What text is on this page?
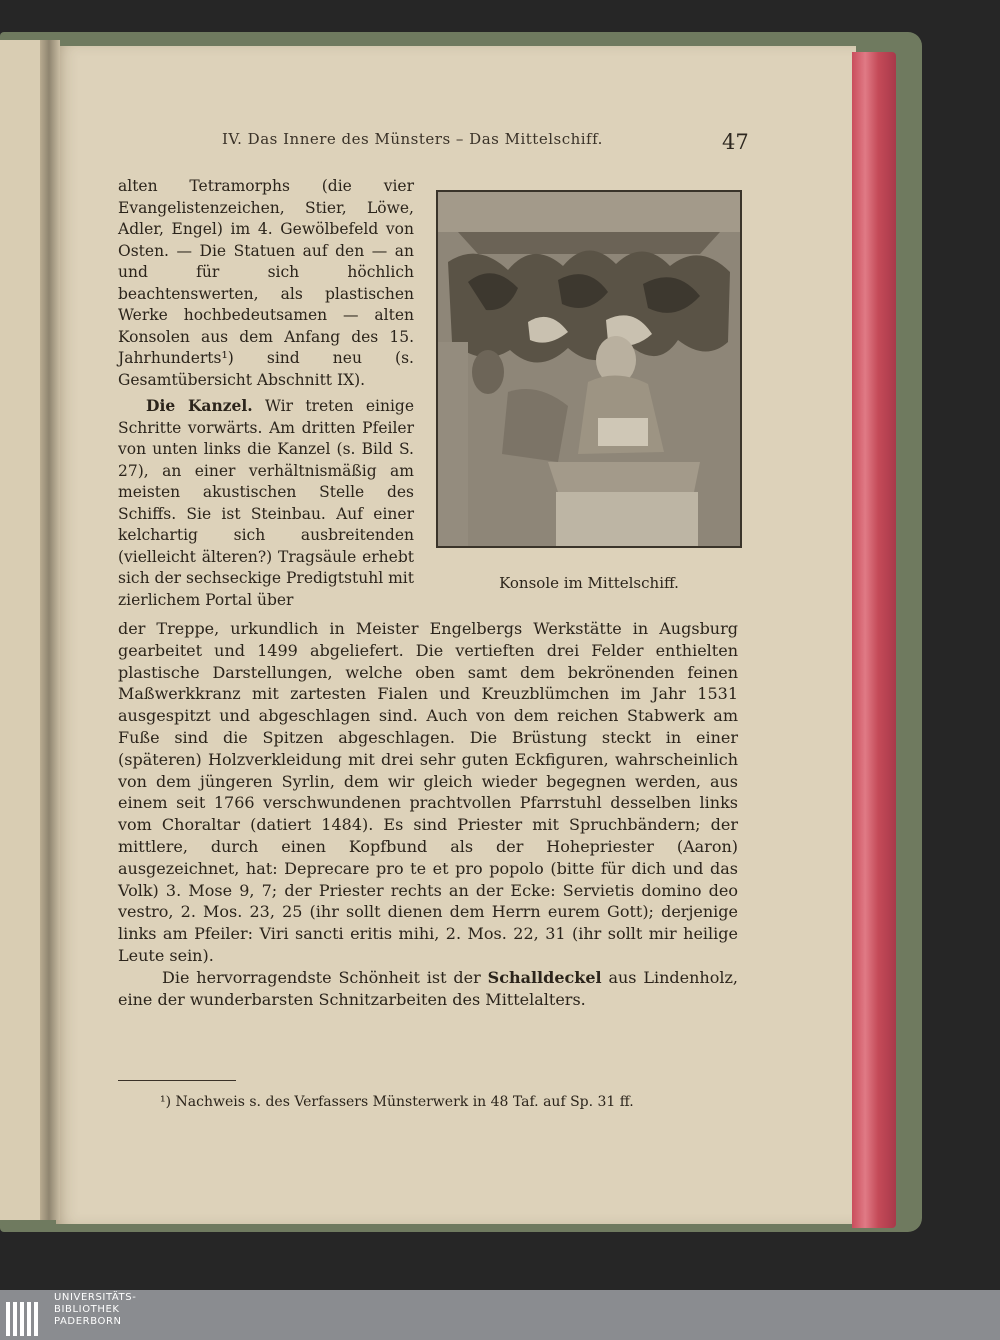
IV. Das Innere des Münsters – Das Mittelschiff.	47

alten Tetramorphs (die vier Evangelistenzeichen, Stier, Löwe, Adler, Engel) im 4. Gewölbefeld von Osten. — Die Statuen auf den — an und für sich höchlich beachtenswerten, als plastischen Werke hochbedeutsamen — alten Konsolen aus dem Anfang des 15. Jahrhunderts¹) sind neu (s. Gesamtübersicht Abschnitt IX).

Die Kanzel. Wir treten einige Schritte vorwärts. Am dritten Pfeiler von unten links die Kanzel (s. Bild S. 27), an einer verhältnismäßig am meisten akustischen Stelle des Schiffs. Sie ist Steinbau. Auf einer kelchartig sich ausbreitenden (vielleicht älteren?) Tragsäule erhebt sich der sechseckige Predigtstuhl mit zierlichem Portal über

Konsole im Mittelschiff.

der Treppe, urkundlich in Meister Engelbergs Werkstätte in Augsburg gearbeitet und 1499 abgeliefert. Die vertieften drei Felder enthielten plastische Darstellungen, welche oben samt dem bekrönenden feinen Maßwerkkranz mit zartesten Fialen und Kreuzblümchen im Jahr 1531 ausgespitzt und abgeschlagen sind. Auch von dem reichen Stabwerk am Fuße sind die Spitzen abgeschlagen. Die Brüstung steckt in einer (späteren) Holzverkleidung mit drei sehr guten Eckfiguren, wahrscheinlich von dem jüngeren Syrlin, dem wir gleich wieder begegnen werden, aus einem seit 1766 verschwundenen prachtvollen Pfarrstuhl desselben links vom Choraltar (datiert 1484). Es sind Priester mit Spruchbändern; der mittlere, durch einen Kopfbund als der Hohepriester (Aaron) ausgezeichnet, hat: Deprecare pro te et pro popolo (bitte für dich und das Volk) 3. Mose 9, 7; der Priester rechts an der Ecke: Servietis domino deo vestro, 2. Mos. 23, 25 (ihr sollt dienen dem Herrn eurem Gott); derjenige links am Pfeiler: Viri sancti eritis mihi, 2. Mos. 22, 31 (ihr sollt mir heilige Leute sein).

Die hervorragendste Schönheit ist der Schalldeckel aus Lindenholz, eine der wunderbarsten Schnitzarbeiten des Mittelalters.

¹) Nachweis s. des Verfassers Münsterwerk in 48 Taf. auf Sp. 31 ff.
UNIVERSITÄTS-
BIBLIOTHEK
PADERBORN
